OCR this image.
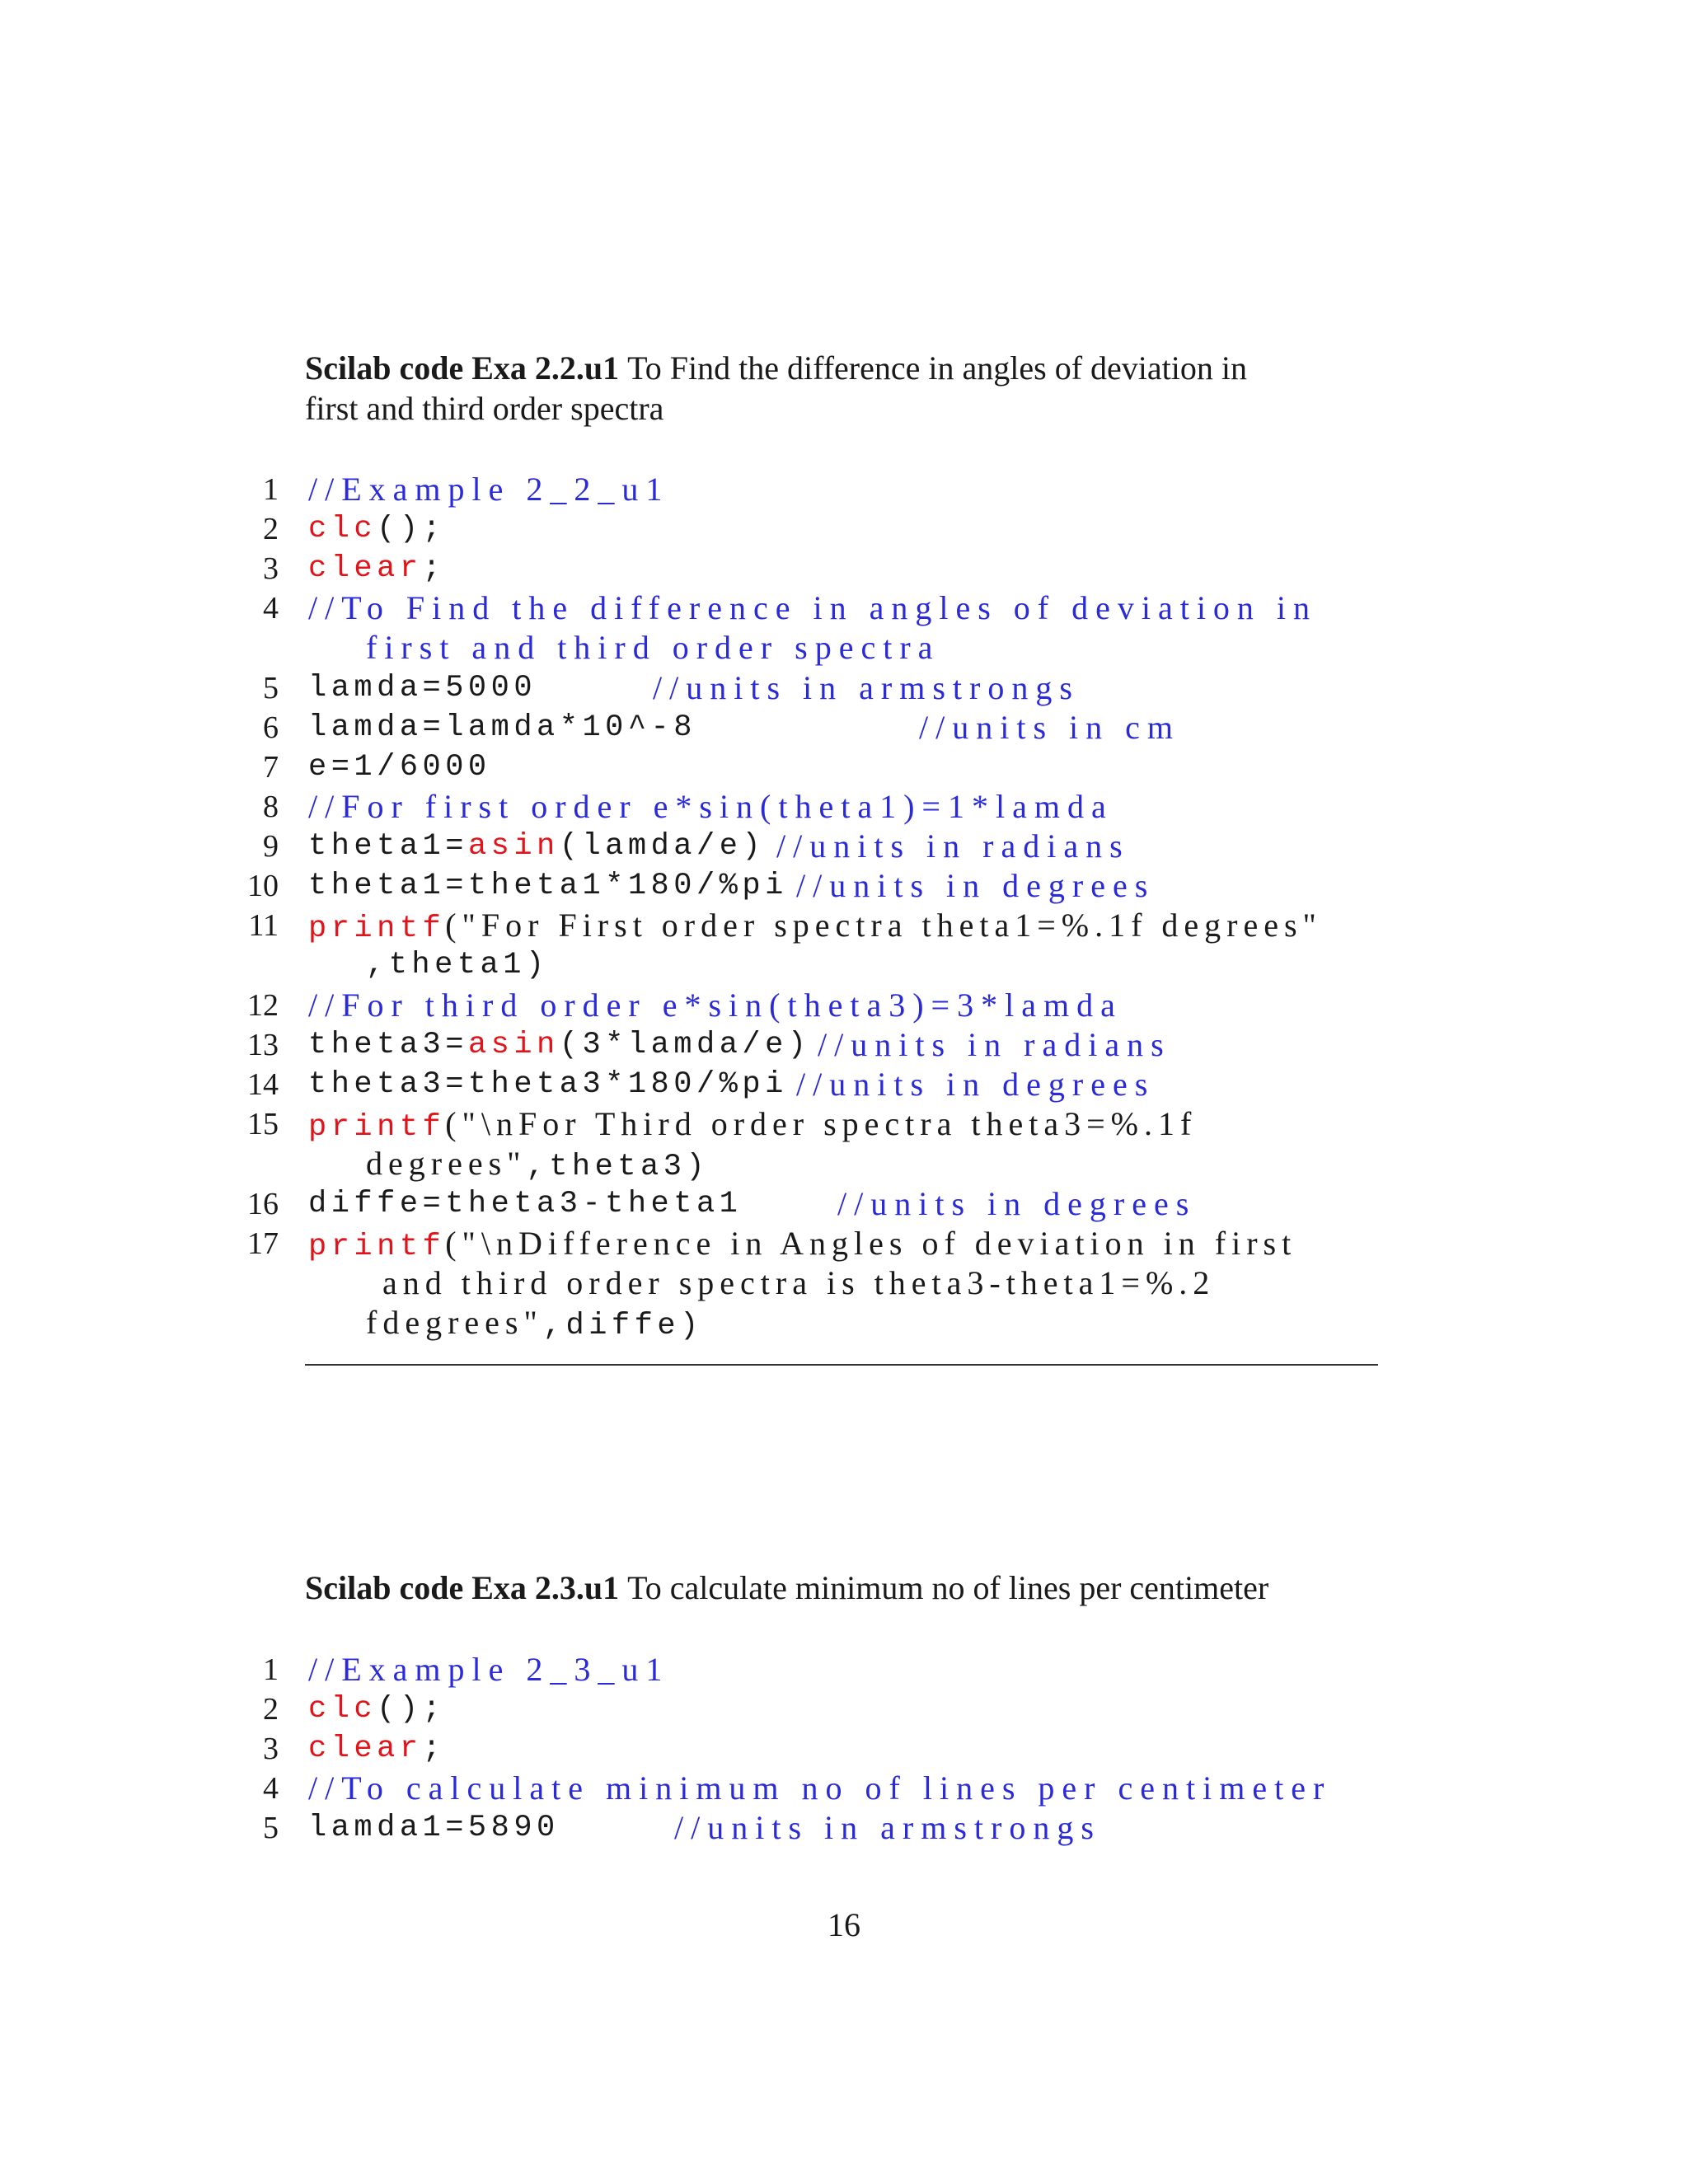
Scilab code Exa 2.2.u1 To Find the difference in angles of deviation in
first and third order spectra

1

//Example 2_2_u1

2

clc();

3

clear;

4

//To Find the difference in angles of deviation in

first and third order spectra

5

lamda=5000

	//units in armstrongs

6

lamda=lamda*10^-8

	//units in cm

7

e=1/6000

8

//For first order e*sin(theta1)=1*lamda

9

theta1=asin(lamda/e)

//units in radians

10

theta1=theta1*180/%pi

//units in degrees

11

printf("For First order spectra theta1=%.1f degrees"

,theta1)

12

//For third order e*sin(theta3)=3*lamda

13

theta3=asin(3*lamda/e)

//units in radians

14

theta3=theta3*180/%pi

//units in degrees

15

printf("\nFor Third order spectra theta3=%.1f

degrees",theta3)

16

diffe=theta3-theta1

	//units in degrees

17

printf("\nDifference in Angles of deviation in first

and third order spectra is theta3-theta1=%.2

fdegrees",diffe)

Scilab code Exa 2.3.u1 To calculate minimum no of lines per centimeter

1

//Example 2_3_u1

2

clc();

3

clear;

4

//To calculate minimum no of lines per centimeter

5

lamda1=5890

	//units in armstrongs

16
